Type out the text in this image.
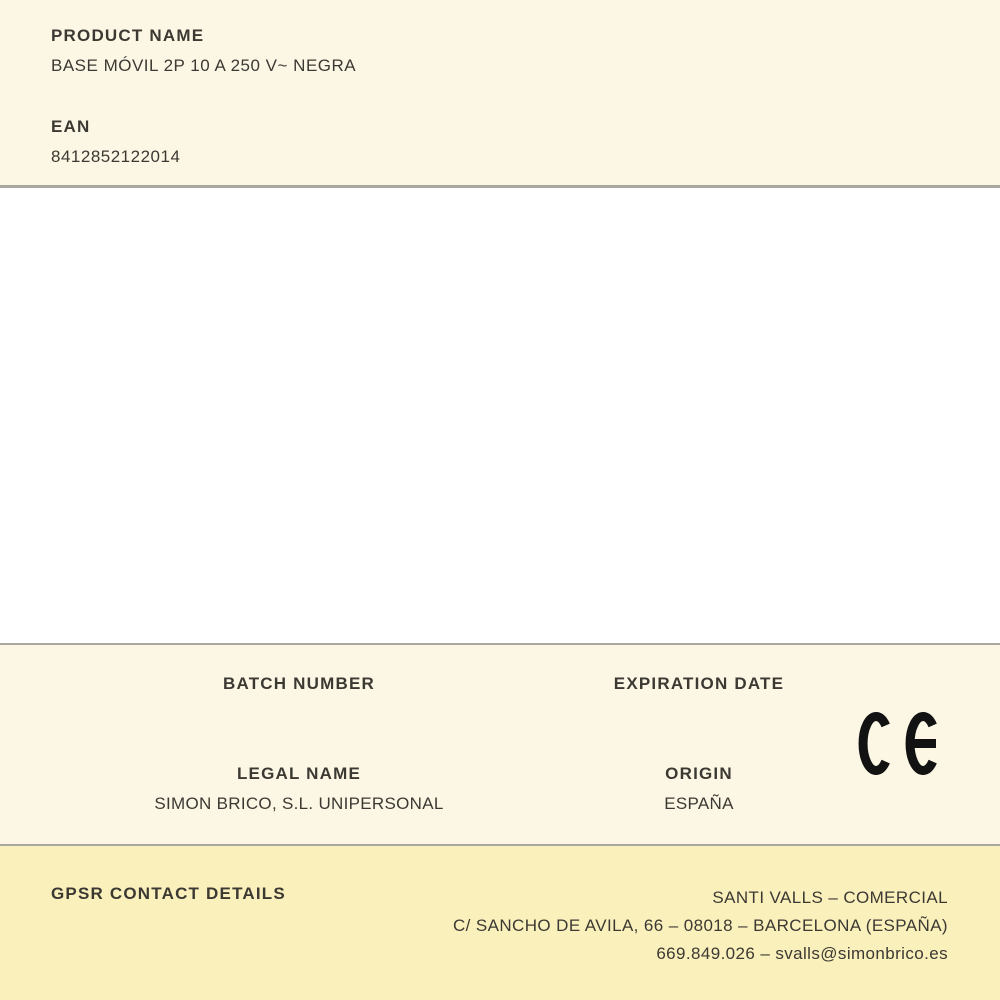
PRODUCT NAME
BASE MÓVIL 2P 10 A 250 V~ NEGRA
EAN
8412852122014
BATCH NUMBER	EXPIRATION DATE
LEGAL NAME
SIMON BRICO, S.L. UNIPERSONAL
ORIGIN
ESPAÑA
GPSR CONTACT DETAILS	SANTI VALLS – COMERCIAL
C/ SANCHO DE AVILA, 66 – 08018 – BARCELONA (ESPAÑA)
669.849.026 – svalls@simonbrico.es
